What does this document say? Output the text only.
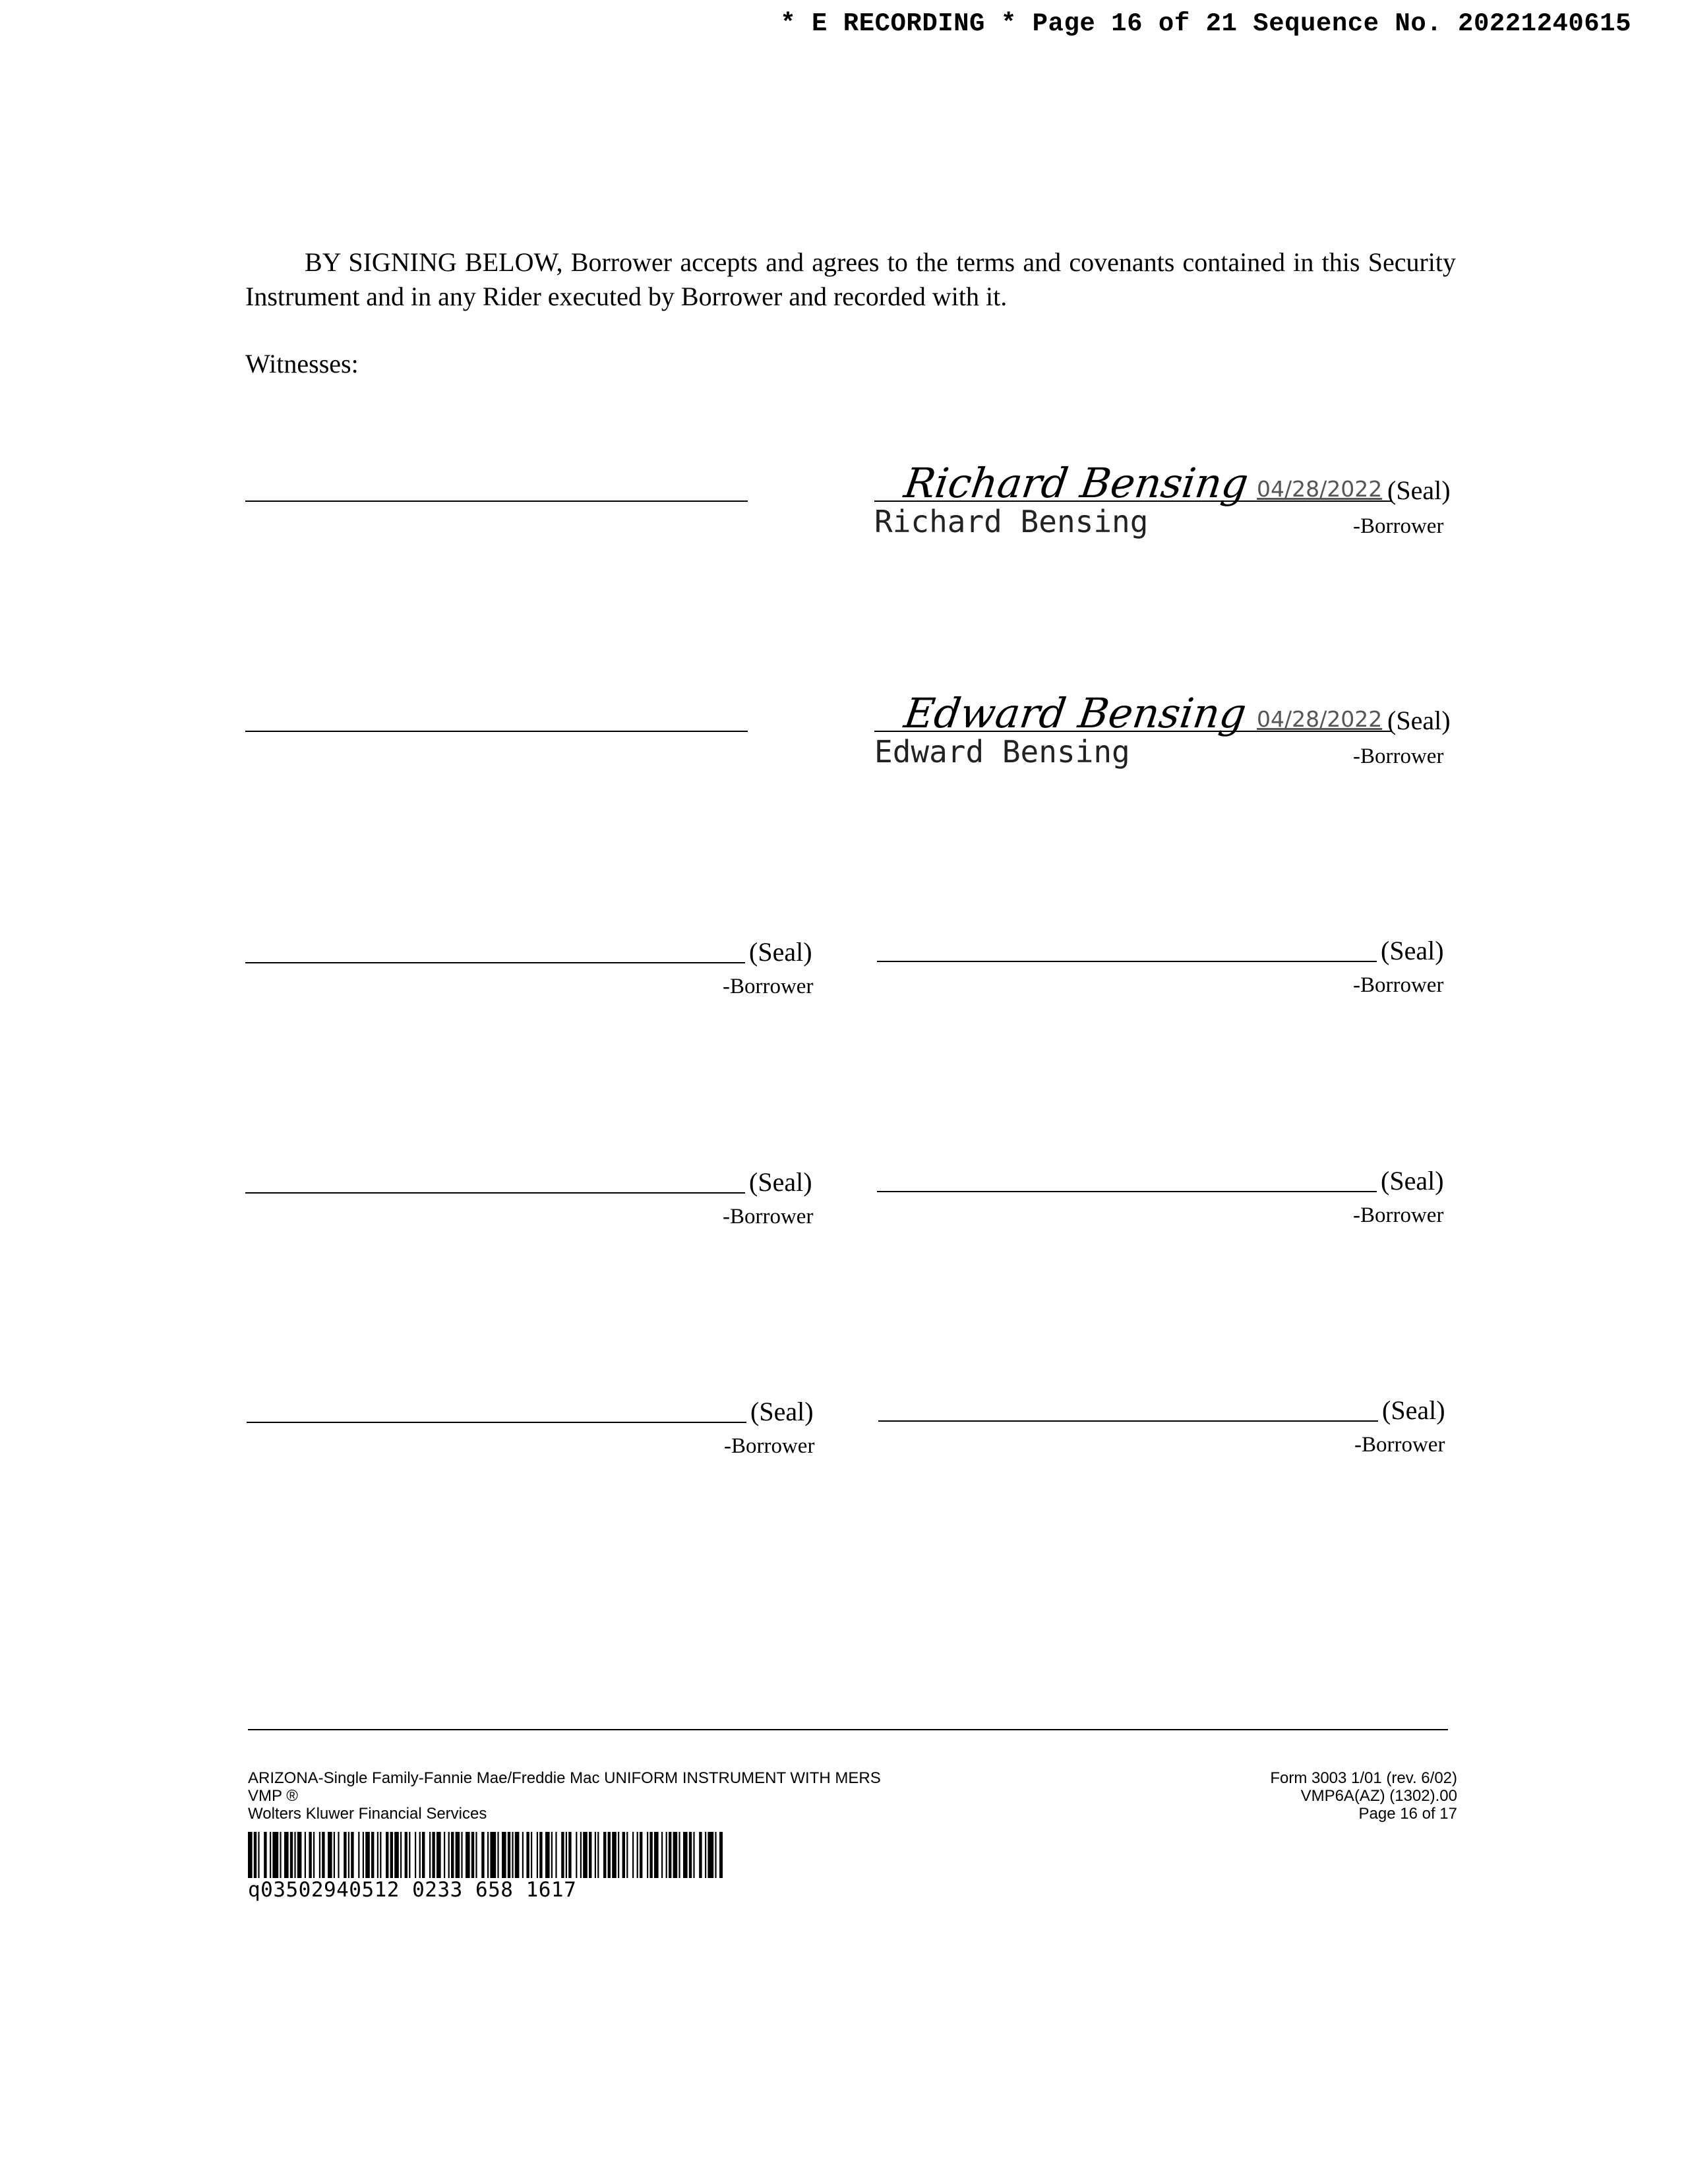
* E RECORDING * Page 16 of 21 Sequence No. 20221240615
BY SIGNING BELOW, Borrower accepts and agrees to the terms and covenants contained in this Security Instrument and in any Rider executed by Borrower and recorded with it.
Witnesses:
Richard Bensing 04/28/2022 (Seal)
Richard Bensing	-Borrower
Edward Bensing 04/28/2022 (Seal)
Edward Bensing	-Borrower
(Seal)
-Borrower
(Seal)
-Borrower
(Seal)
-Borrower
(Seal)
-Borrower
(Seal)
-Borrower
(Seal)
-Borrower
ARIZONA-Single Family-Fannie Mae/Freddie Mac UNIFORM INSTRUMENT WITH MERS
VMP ®
Wolters Kluwer Financial Services
Form 3003 1/01 (rev. 6/02)
VMP6A(AZ) (1302).00
Page 16 of 17
q03502940512 0233 658 1617
